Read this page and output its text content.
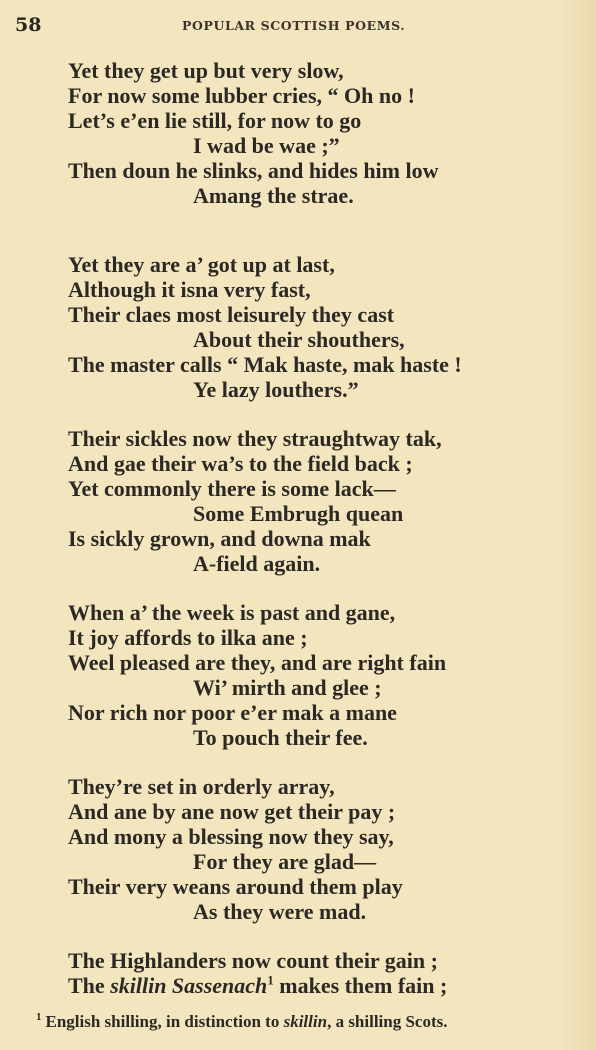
58	POPULAR SCOTTISH POEMS.
Yet they get up but very slow,
For now some lubber cries, “ Oh no !
Let’s e’en lie still, for now to go
I wad be wae ;”
Then doun he slinks, and hides him low
Amang the strae.
Yet they are a’ got up at last,
Although it isna very fast,
Their claes most leisurely they cast
About their shouthers,
The master calls “ Mak haste, mak haste !
Ye lazy louthers.”
Their sickles now they straughtway tak,
And gae their wa’s to the field back ;
Yet commonly there is some lack—
Some Embrugh quean
Is sickly grown, and downa mak
A-field again.
When a’ the week is past and gane,
It joy affords to ilka ane ;
Weel pleased are they, and are right fain
Wi’ mirth and glee ;
Nor rich nor poor e’er mak a mane
To pouch their fee.
They’re set in orderly array,
And ane by ane now get their pay ;
And mony a blessing now they say,
For they are glad—
Their very weans around them play
As they were mad.
The Highlanders now count their gain ;
The skillin Sassenach$^1$ makes them fain ;
$^1$ English shilling, in distinction to skillin, a shilling Scots.
